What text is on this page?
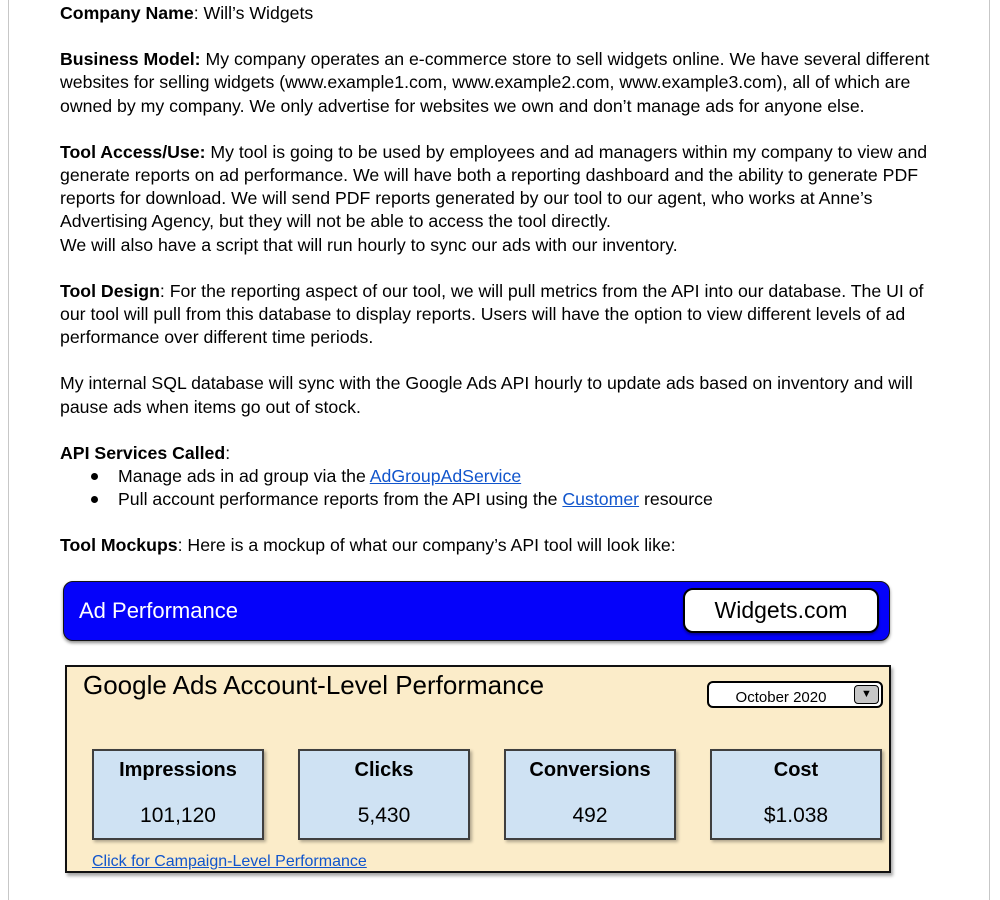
Company Name: Will’s Widgets

Business Model: My company operates an e-commerce store to sell widgets online. We have several different websites for selling widgets (www.example1.com, www.example2.com, www.example3.com), all of which are owned by my company. We only advertise for websites we own and don’t manage ads for anyone else.

Tool Access/Use: My tool is going to be used by employees and ad managers within my company to view and generate reports on ad performance. We will have both a reporting dashboard and the ability to generate PDF reports for download. We will send PDF reports generated by our tool to our agent, who works at Anne’s Advertising Agency, but they will not be able to access the tool directly.
We will also have a script that will run hourly to sync our ads with our inventory.

Tool Design: For the reporting aspect of our tool, we will pull metrics from the API into our database. The UI of our tool will pull from this database to display reports. Users will have the option to view different levels of ad performance over different time periods.

My internal SQL database will sync with the Google Ads API hourly to update ads based on inventory and will pause ads when items go out of stock.

API Services Called:

Manage ads in ad group via the AdGroupAdService
Pull account performance reports from the API using the Customer resource

Tool Mockups: Here is a mockup of what our company’s API tool will look like:

Ad Performance	Widgets.com
Google Ads Account-Level Performance	October 2020	▼
Impressions
101,120
Clicks
5,430
Conversions
492
Cost
$1.038
Click for Campaign-Level Performance
